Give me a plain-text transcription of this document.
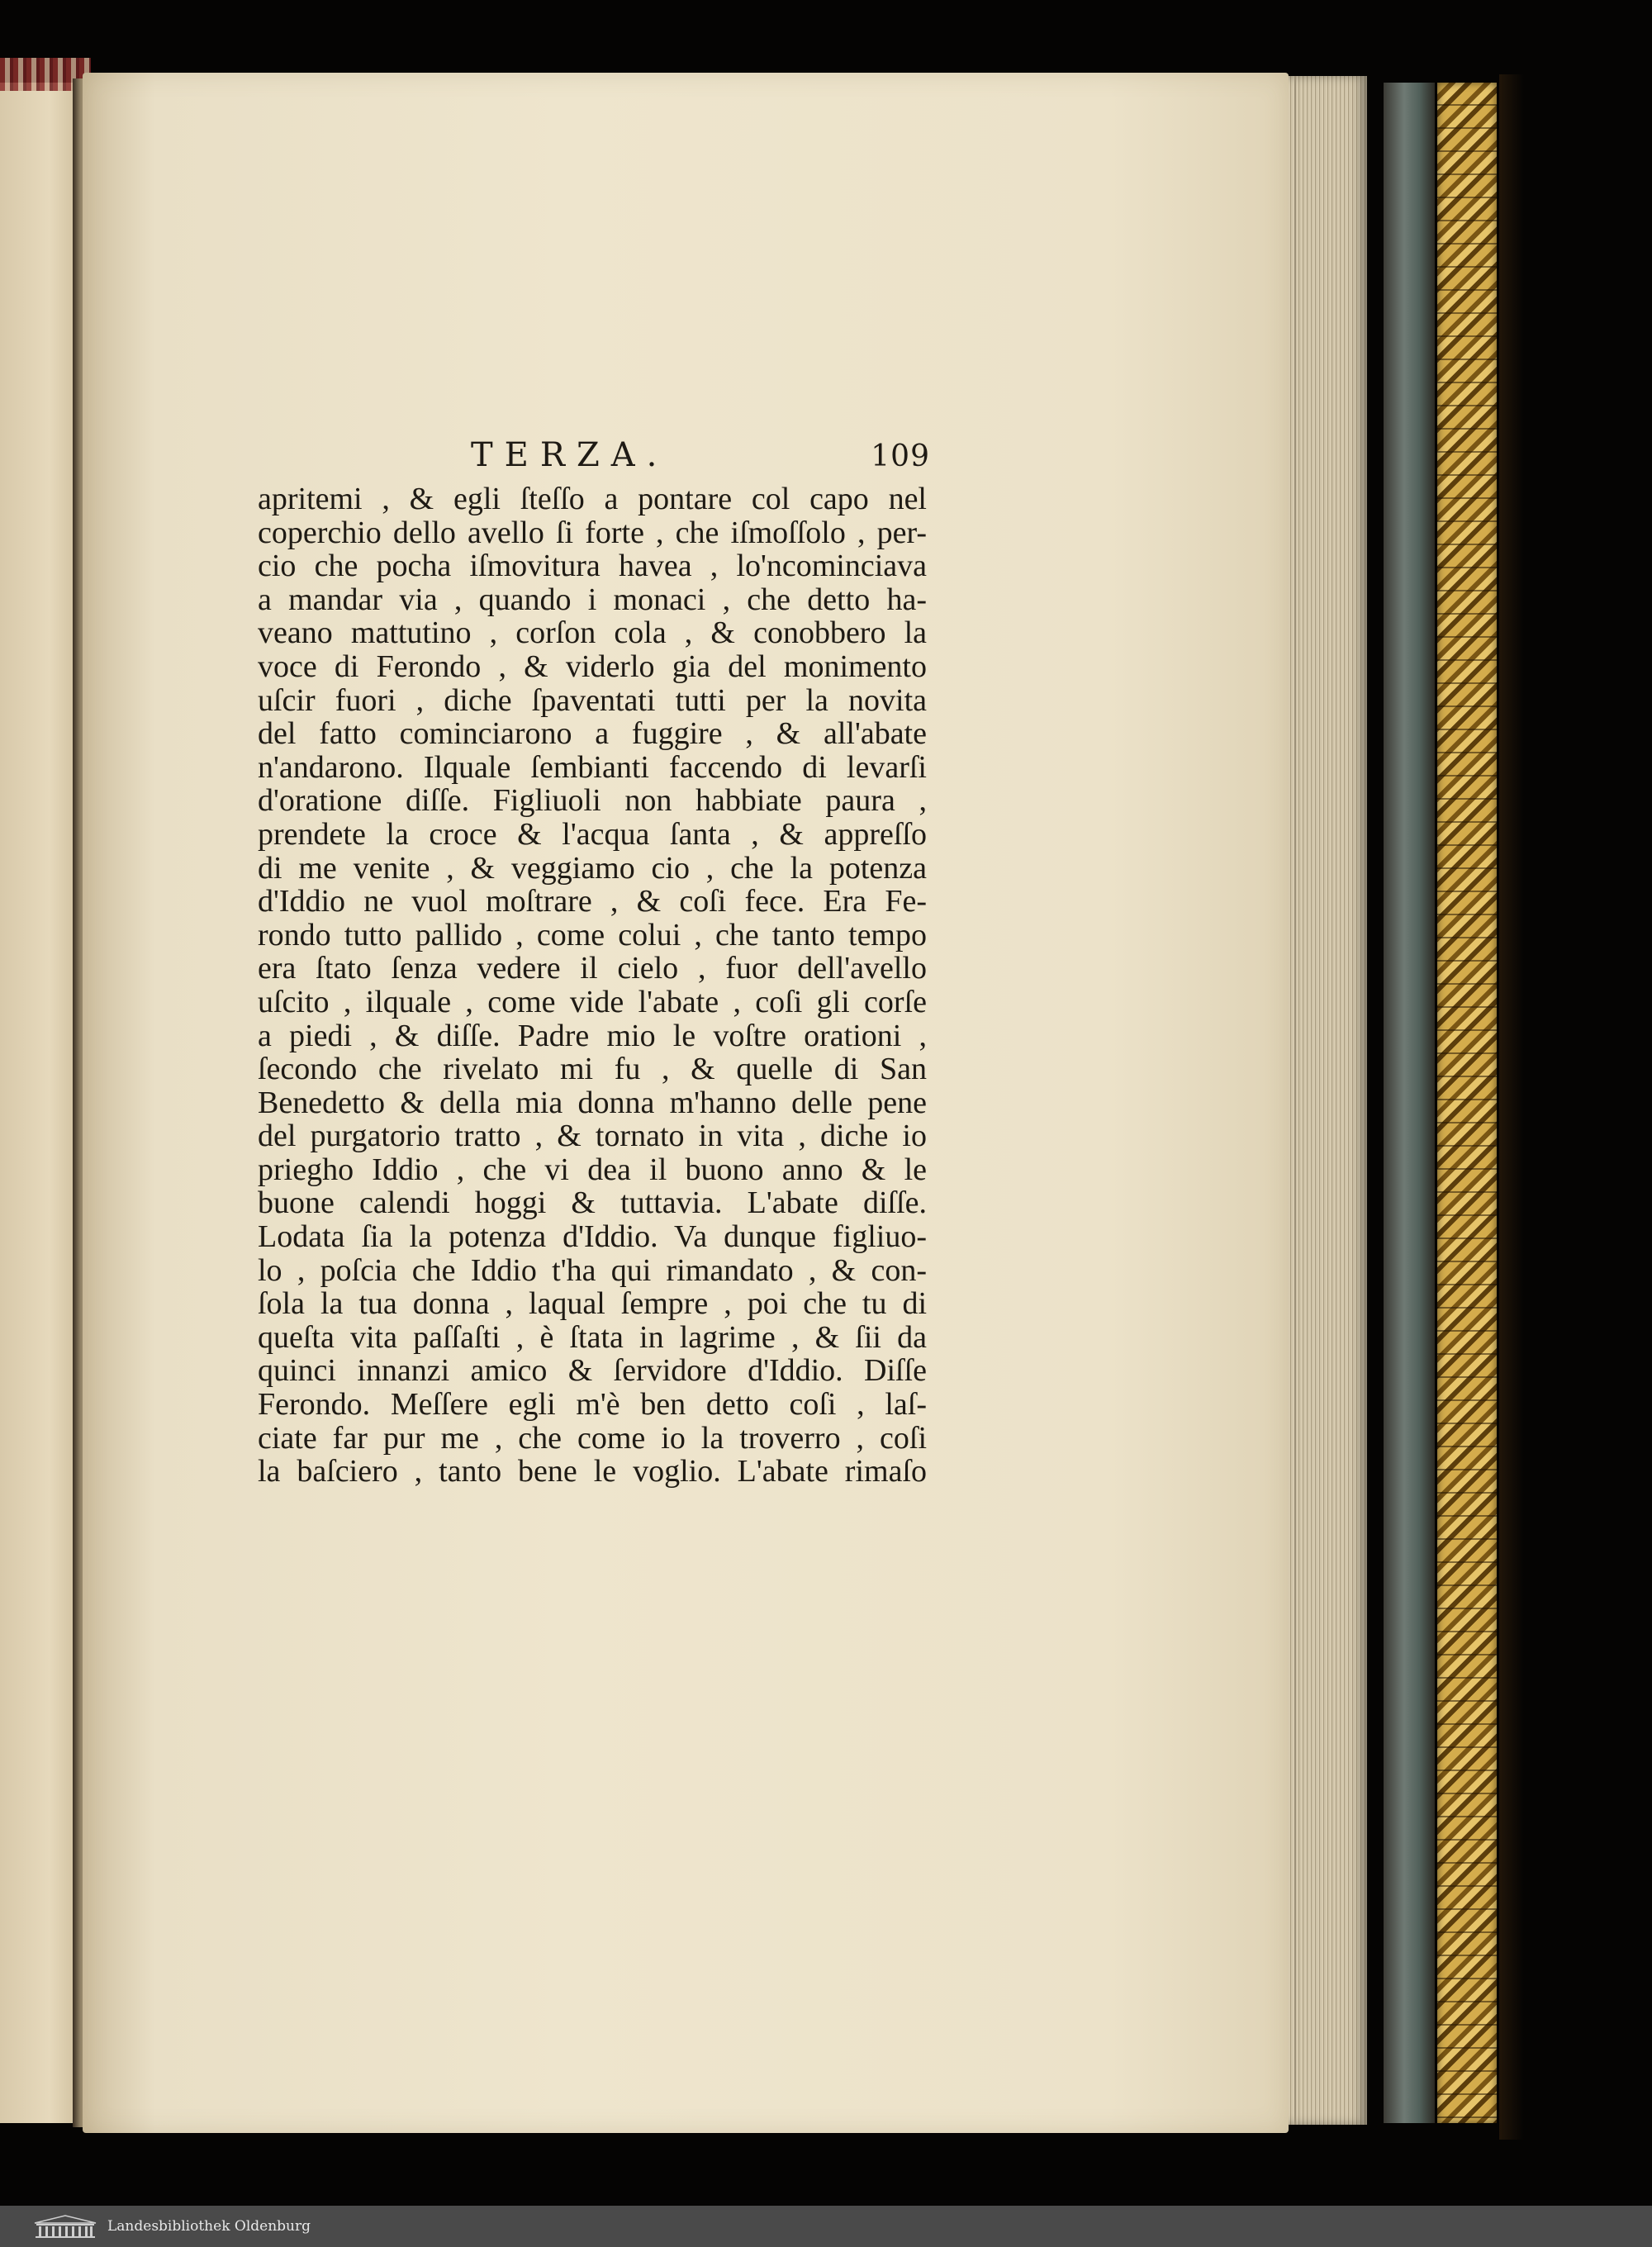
TERZA.	109
apritemi , & egli ſteſſo a pontare col capo nel
coperchio dello avello ſi forte , che iſmoſſolo , per-
cio che pocha iſmovitura havea , lo'ncominciava
a mandar via , quando i monaci , che detto ha-
veano mattutino , corſon cola , & conobbero la
voce di Ferondo , & viderlo gia del monimento
uſcir fuori , diche ſpaventati tutti per la novita
del fatto cominciarono a fuggire , & all'abate
n'andarono. Ilquale ſembianti faccendo di levarſi
d'oratione diſſe. Figliuoli non habbiate paura ,
prendete la croce & l'acqua ſanta , & appreſſo
di me venite , & veggiamo cio , che la potenza
d'Iddio ne vuol moſtrare , & coſi fece. Era Fe-
rondo tutto pallido , come colui , che tanto tempo
era ſtato ſenza vedere il cielo , fuor dell'avello
uſcito , ilquale , come vide l'abate , coſi gli corſe
a piedi , & diſſe. Padre mio le voſtre orationi ,
ſecondo che rivelato mi fu , & quelle di San
Benedetto & della mia donna m'hanno delle pene
del purgatorio tratto , & tornato in vita , diche io
priegho Iddio , che vi dea il buono anno & le
buone calendi hoggi & tuttavia. L'abate diſſe.
Lodata ſia la potenza d'Iddio. Va dunque figliuo-
lo , poſcia che Iddio t'ha qui rimandato , & con-
ſola la tua donna , laqual ſempre , poi che tu di
queſta vita paſſaſti , è ſtata in lagrime , & ſii da
quinci innanzi amico & ſervidore d'Iddio. Diſſe
Ferondo. Meſſere egli m'è ben detto coſi , laſ-
ciate far pur me , che come io la troverro , coſi
la baſciero , tanto bene le voglio. L'abate rimaſo
Landesbibliothek Oldenburg
